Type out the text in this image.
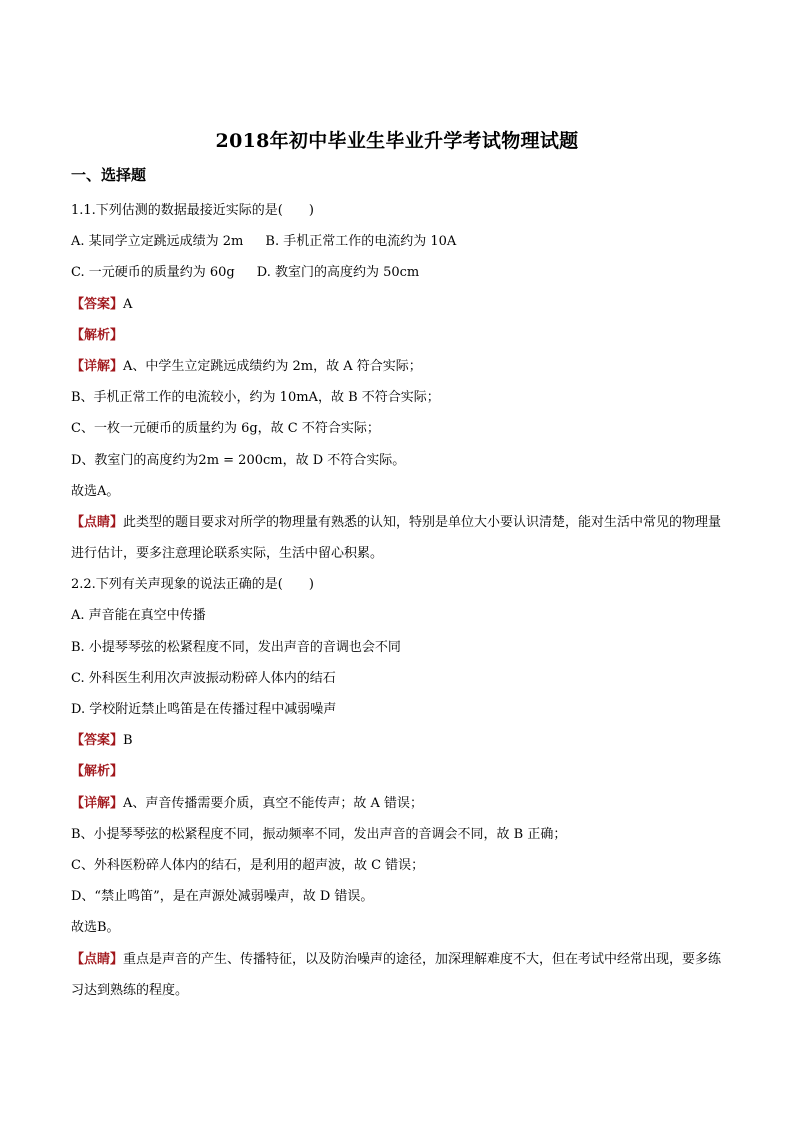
2018年初中毕业生毕业升学考试物理试题
一、选择题
1.1.下列估测的数据最接近实际的是(　　)
A. 某同学立定跳远成绩为 2m B. 手机正常工作的电流约为 10A
C. 一元硬币的质量约为 60g D. 教室门的高度约为 50cm
【答案】A
【解析】
【详解】A、中学生立定跳远成绩约为 2m，故 A 符合实际；
B、手机正常工作的电流较小，约为 10mA，故 B 不符合实际；
C、一枚一元硬币的质量约为 6g，故 C 不符合实际；
D、教室门的高度约为2m = 200cm，故 D 不符合实际。
故选A。
【点睛】此类型的题目要求对所学的物理量有熟悉的认知，特别是单位大小要认识清楚，能对生活中常见的物理量进行估计，要多注意理论联系实际，生活中留心积累。
2.2.下列有关声现象的说法正确的是(　　)
A. 声音能在真空中传播
B. 小提琴琴弦的松紧程度不同，发出声音的音调也会不同
C. 外科医生利用次声波振动粉碎人体内的结石
D. 学校附近禁止鸣笛是在传播过程中减弱噪声
【答案】B
【解析】
【详解】A、声音传播需要介质，真空不能传声；故 A 错误；
B、小提琴琴弦的松紧程度不同，振动频率不同，发出声音的音调会不同，故 B 正确；
C、外科医粉碎人体内的结石，是利用的超声波，故 C 错误；
D、“禁止鸣笛”，是在声源处减弱噪声，故 D 错误。
故选B。
【点睛】重点是声音的产生、传播特征，以及防治噪声的途径，加深理解难度不大，但在考试中经常出现，要多练习达到熟练的程度。
